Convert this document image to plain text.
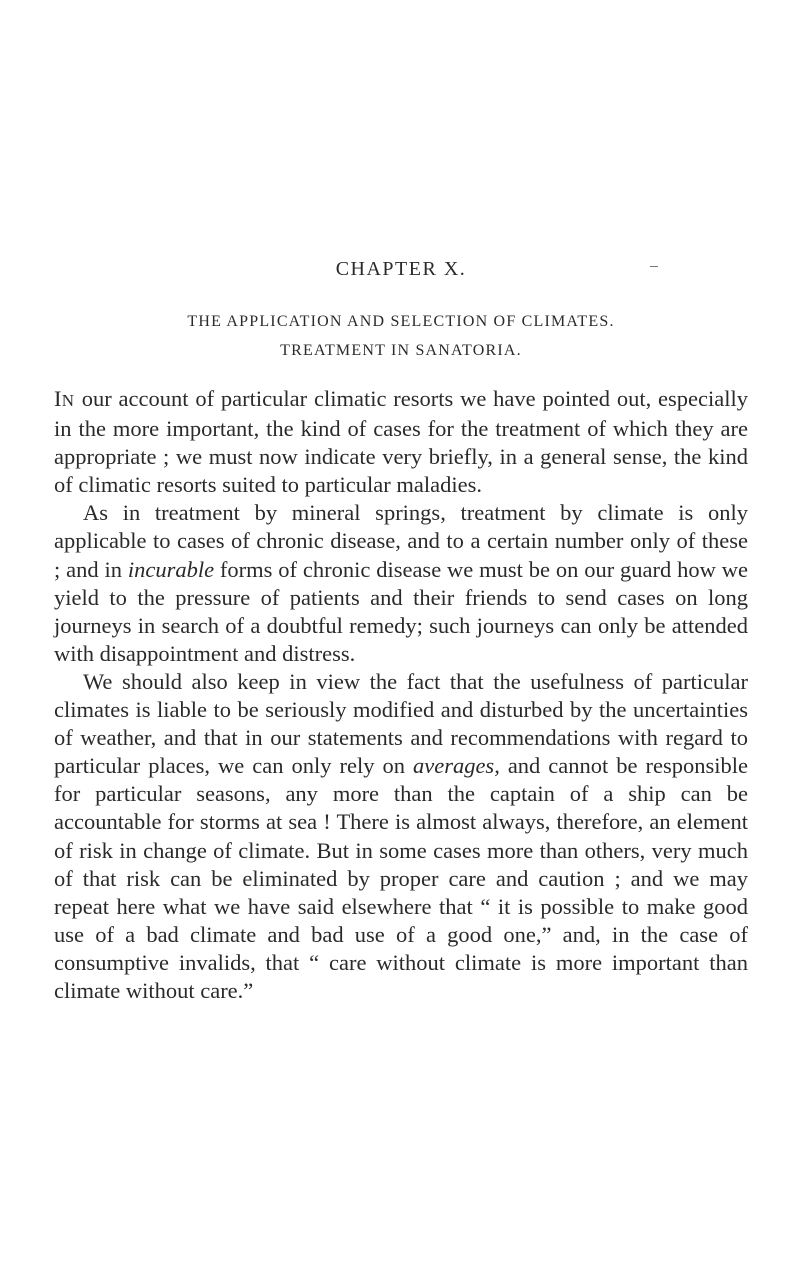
CHAPTER X.
THE APPLICATION AND SELECTION OF CLIMATES.
TREATMENT IN SANATORIA.

IN our account of particular climatic resorts we have pointed out, especially in the more important, the kind of cases for the treatment of which they are appropriate ; we must now indicate very briefly, in a general sense, the kind of climatic resorts suited to particular maladies.

As in treatment by mineral springs, treatment by climate is only applicable to cases of chronic disease, and to a certain number only of these ; and in incurable forms of chronic disease we must be on our guard how we yield to the pressure of patients and their friends to send cases on long journeys in search of a doubtful remedy; such journeys can only be attended with disappointment and distress.

We should also keep in view the fact that the usefulness of particular climates is liable to be seriously modified and disturbed by the uncertainties of weather, and that in our statements and recommendations with regard to particular places, we can only rely on averages, and cannot be responsible for particular seasons, any more than the captain of a ship can be accountable for storms at sea ! There is almost always, therefore, an element of risk in change of climate. But in some cases more than others, very much of that risk can be eliminated by proper care and caution ; and we may repeat here what we have said elsewhere that “ it is possible to make good use of a bad climate and bad use of a good one,” and, in the case of consumptive invalids, that “ care without climate is more important than climate without care.”
